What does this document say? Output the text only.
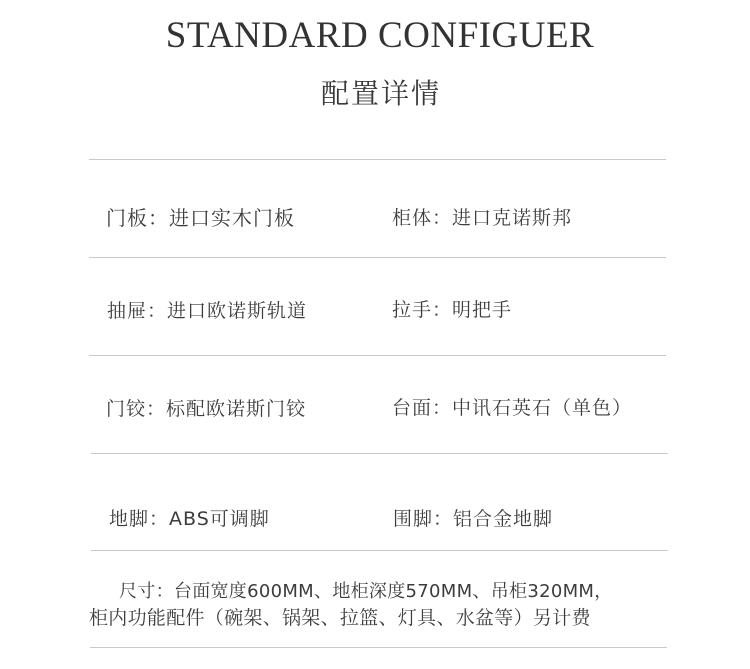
STANDARD CONFIGUER
配置详情
门板：进口实木门板	柜体：进口克诺斯邦
抽屉：进口欧诺斯轨道	拉手：明把手
门铰：标配欧诺斯门铰	台面：中讯石英石（单色）
地脚：ABS可调脚	围脚：铝合金地脚
尺寸：台面宽度600MM、地柜深度570MM、吊柜320MM，
柜内功能配件（碗架、锅架、拉篮、灯具、水盆等）另计费
